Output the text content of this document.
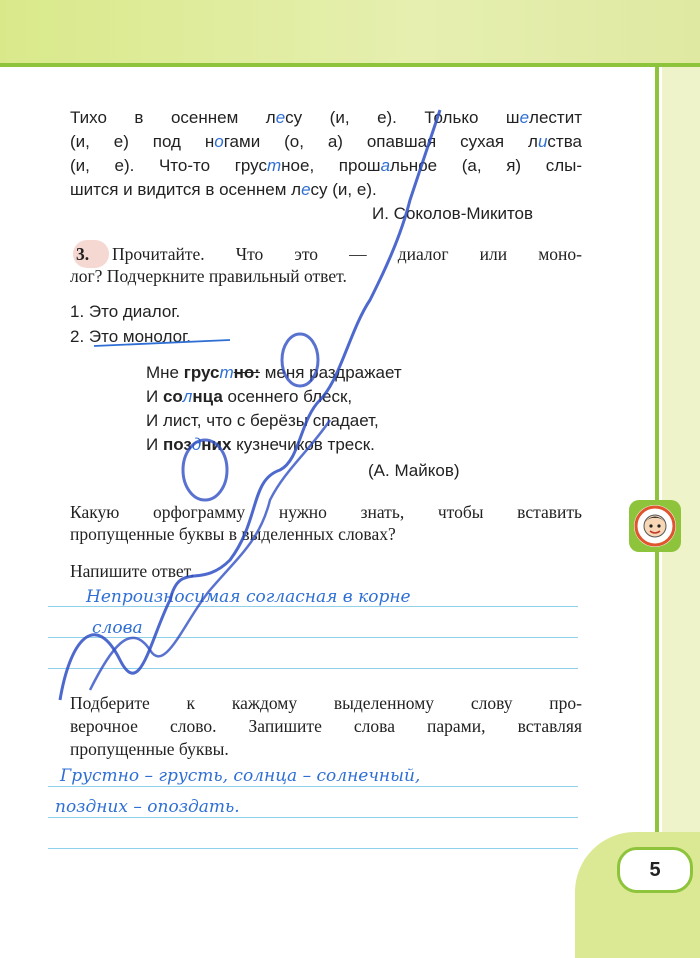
5
Тихо в осеннем лесу (и, е). Только шелестит
(и, е) под ногами (о, а) опавшая сухая листва
(и, е). Что-то грустное, прошальное (а, я) слы-
шится и видится в осеннем лесу (и, е).
И. Соколов-Микитов
3. Прочитайте. Что это — диалог или моно-
лог? Подчеркните правильный ответ.
1. Это диалог.
2. Это монолог.
Мне грустно: меня раздражает
И солнца осеннего блеск,
И лист, что с берёзы спадает,
И поздних кузнечиков треск.
(А. Майков)
Какую орфограмму нужно знать, чтобы вставить
пропущенные буквы в выделенных словах?
Напишите ответ.
Непроизносимая согласная в корне
слова
Подберите к каждому выделенному слову про-
верочное слово. Запишите слова парами, вставляя
пропущенные буквы.
Грустно – грусть, солнца – солнечный,
поздних – опоздать.
